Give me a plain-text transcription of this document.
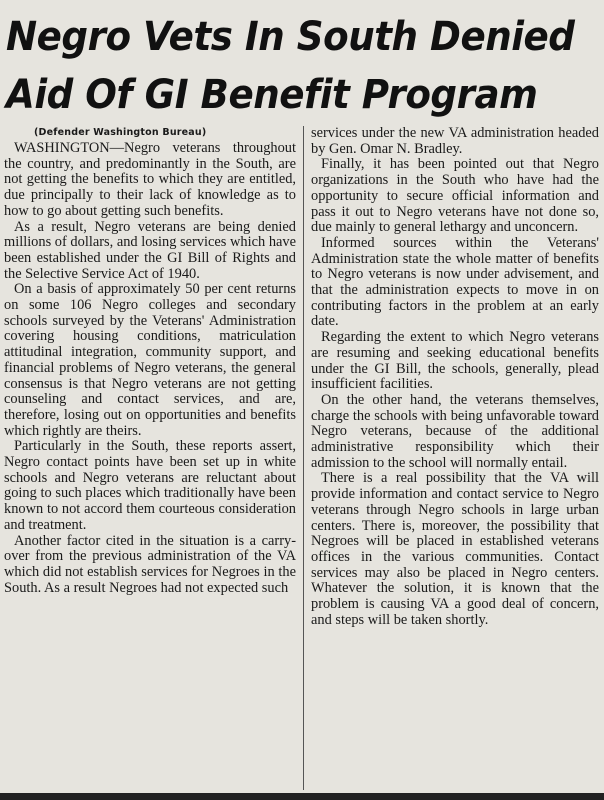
Negro Vets In South Denied
Aid Of GI Benefit Program
(Defender Washington Bureau)

WASHINGTON—Negro veterans throughout the country, and predominantly in the South, are not getting the benefits to which they are entitled, due principally to their lack of knowledge as to how to go about getting such benefits.

As a result, Negro veterans are being denied millions of dollars, and losing services which have been established under the GI Bill of Rights and the Selective Service Act of 1940.

On a basis of approximately 50 per cent returns on some 106 Negro colleges and secondary schools surveyed by the Veterans' Administration covering housing conditions, matriculation attitudinal integration, community support, and financial problems of Negro veterans, the general consensus is that Negro veterans are not getting counseling and contact services, and are, therefore, losing out on opportunities and benefits which rightly are theirs.

Particularly in the South, these reports assert, Negro contact points have been set up in white schools and Negro veterans are reluctant about going to such places which traditionally have been known to not accord them courteous consideration and treatment.

Another factor cited in the situation is a carry-over from the previous administration of the VA which did not establish services for Negroes in the South. As a result Negroes had not expected such

services under the new VA administration headed by Gen. Omar N. Bradley.

Finally, it has been pointed out that Negro organizations in the South who have had the opportunity to secure official information and pass it out to Negro veterans have not done so, due mainly to general lethargy and unconcern.

Informed sources within the Veterans' Administration state the whole matter of benefits to Negro veterans is now under advisement, and that the administration expects to move in on contributing factors in the problem at an early date.

Regarding the extent to which Negro veterans are resuming and seeking educational benefits under the GI Bill, the schools, generally, plead insufficient facilities.

On the other hand, the veterans themselves, charge the schools with being unfavorable toward Negro veterans, because of the additional administrative responsibility which their admission to the school will normally entail.

There is a real possibility that the VA will provide information and contact service to Negro veterans through Negro schools in large urban centers. There is, moreover, the possibility that Negroes will be placed in established veterans offices in the various communities. Contact services may also be placed in Negro centers. Whatever the solution, it is known that the problem is causing VA a good deal of concern, and steps will be taken shortly.
